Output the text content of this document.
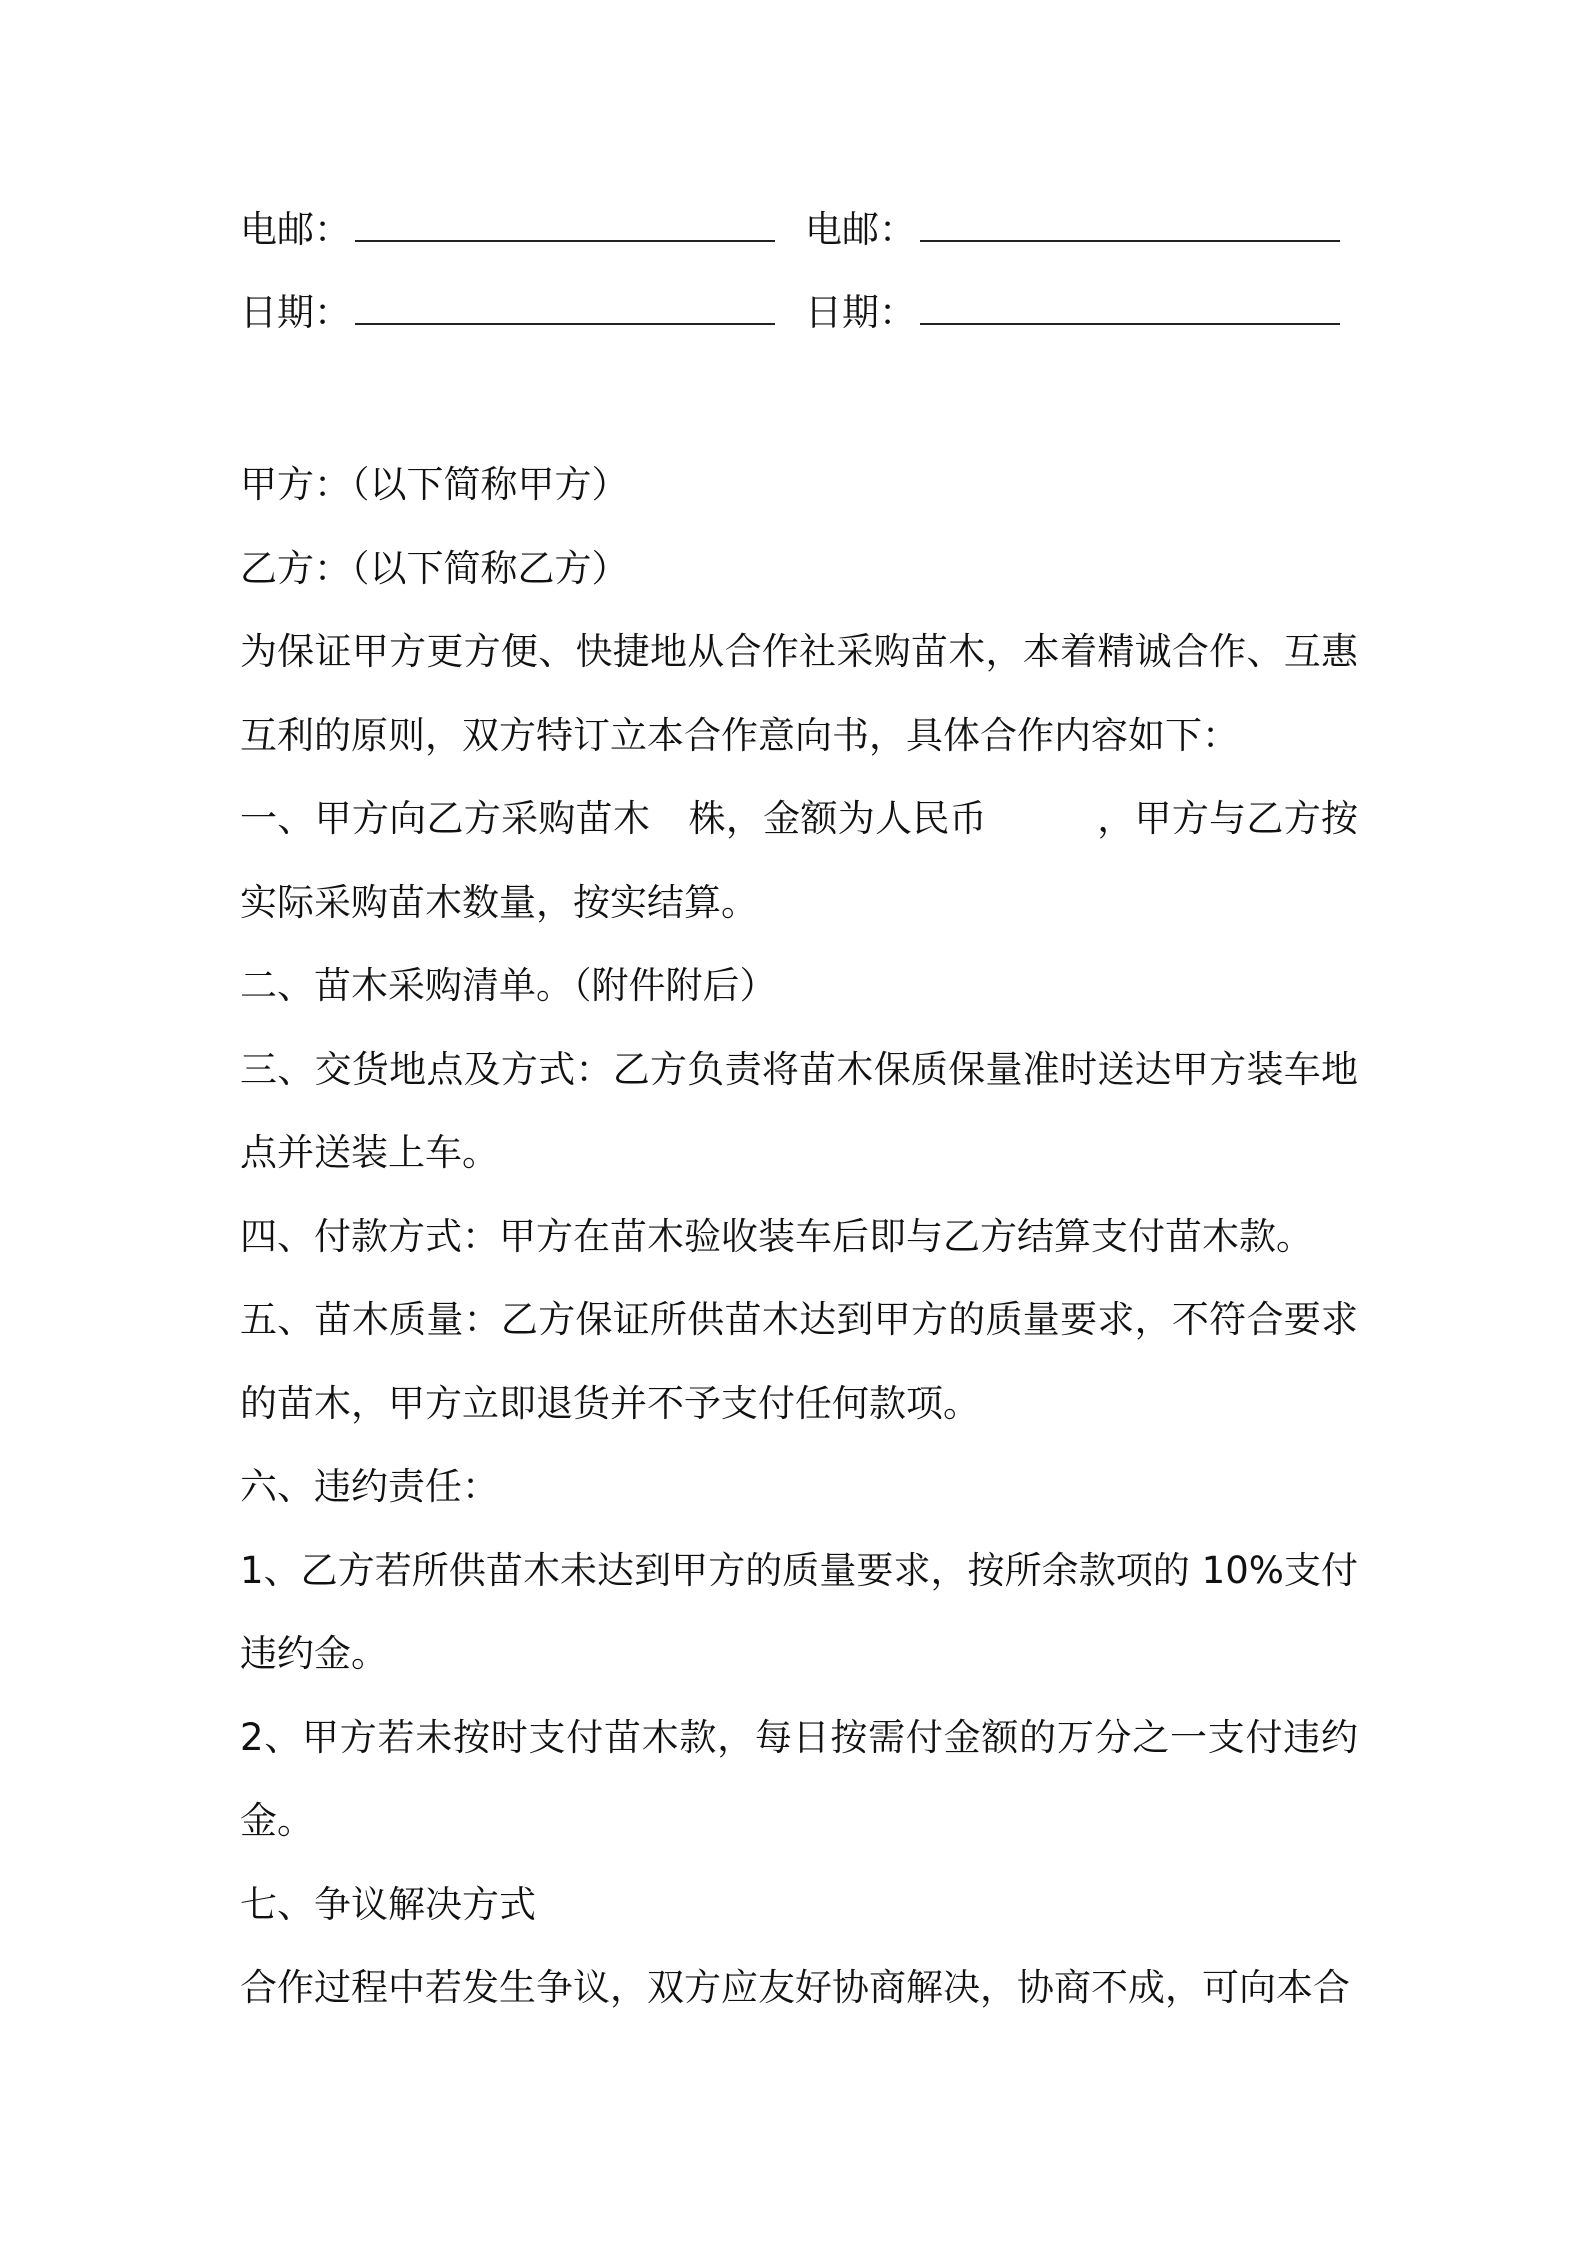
电邮：	电邮：
日期：	日期：

甲方：（以下简称甲方）

乙方：（以下简称乙方）

为保证甲方更方便、快捷地从合作社采购苗木，本着精诚合作、互惠互利的原则，双方特订立本合作意向书，具体合作内容如下：

一、甲方向乙方采购苗木 株，金额为人民币	，甲方与乙方按实际采购苗木数量，按实结算。

二、苗木采购清单。（附件附后）

三、交货地点及方式：乙方负责将苗木保质保量准时送达甲方装车地点并送装上车。

四、付款方式：甲方在苗木验收装车后即与乙方结算支付苗木款。

五、苗木质量：乙方保证所供苗木达到甲方的质量要求，不符合要求的苗木，甲方立即退货并不予支付任何款项。

六、违约责任：

1、乙方若所供苗木未达到甲方的质量要求，按所余款项的 10%支付违约金。

2、甲方若未按时支付苗木款，每日按需付金额的万分之一支付违约金。

七、争议解决方式

合作过程中若发生争议，双方应友好协商解决，协商不成，可向本合
